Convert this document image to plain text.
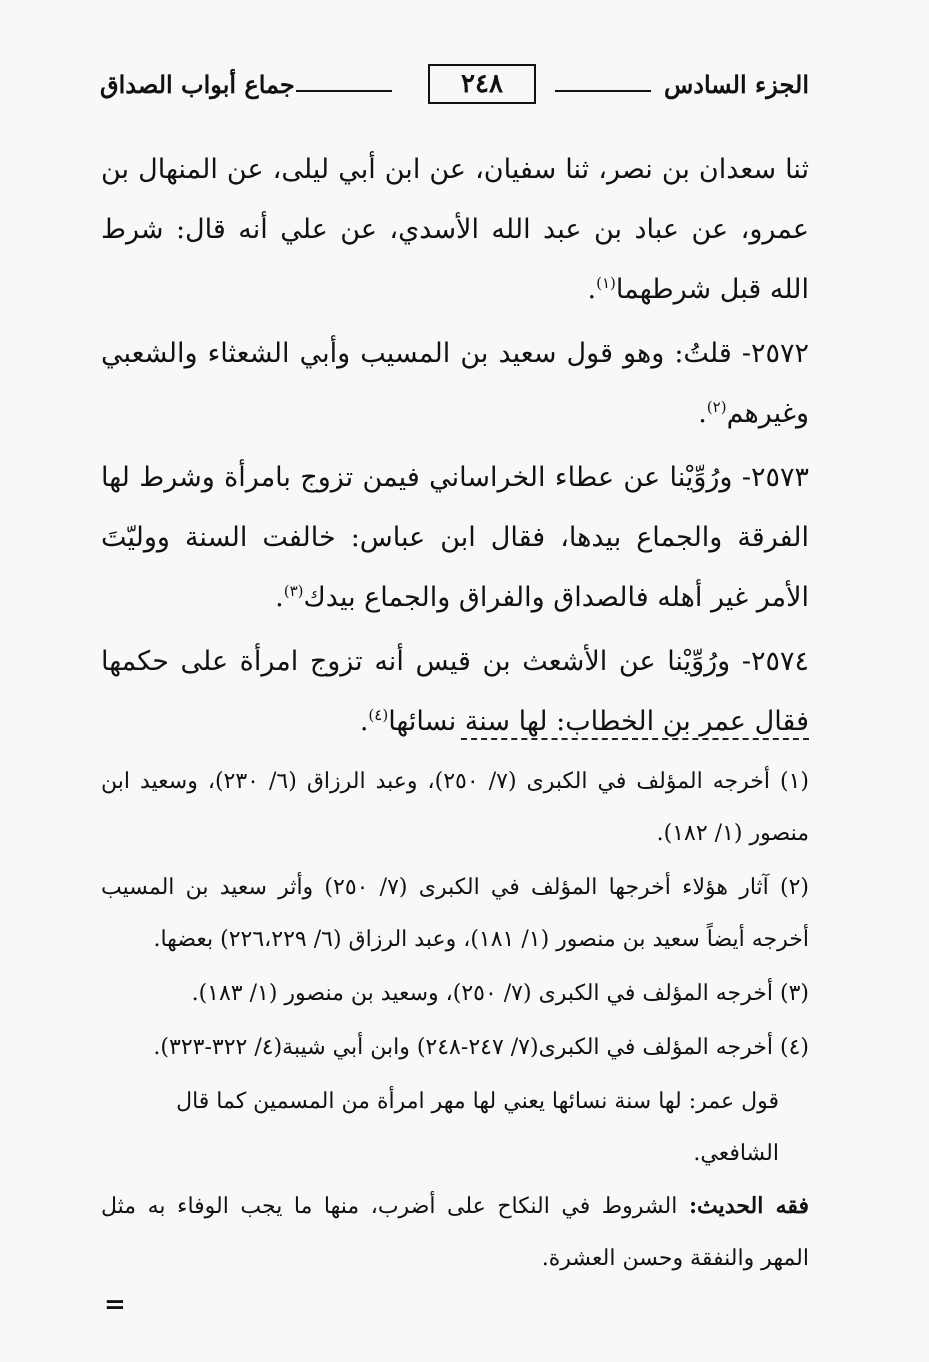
الجزء السادس
٢٤٨
جماع أبواب الصداق

ثنا سعدان بن نصر، ثنا سفيان، عن ابن أبي ليلى، عن المنهال بن عمرو، عن عباد بن عبد الله الأسدي، عن علي أنه قال: شرط الله قبل شرطهما$^{(١)}$.

٢٥٧٢- قلتُ: وهو قول سعيد بن المسيب وأبي الشعثاء والشعبي وغيرهم$^{(٢)}$.

٢٥٧٣- ورُوِّيْنا عن عطاء الخراساني فيمن تزوج بامرأة وشرط لها الفرقة والجماع بيدها، فقال ابن عباس: خالفت السنة ووليّتَ الأمر غير أهله فالصداق والفراق والجماع بيدك$^{(٣)}$.

٢٥٧٤- ورُوِّيْنا عن الأشعث بن قيس أنه تزوج امرأة على حكمها فقال عمر بن الخطاب: لها سنة نسائها$^{(٤)}$.

(١) أخرجه المؤلف في الكبرى (٧/ ٢٥٠)، وعبد الرزاق (٦/ ٢٣٠)، وسعيد ابن منصور (١/ ١٨٢).

(٢) آثار هؤلاء أخرجها المؤلف في الكبرى (٧/ ٢٥٠) وأثر سعيد بن المسيب أخرجه أيضاً سعيد بن منصور (١/ ١٨١)، وعبد الرزاق (٦/ ٢٢٦،٢٢٩) بعضها.

(٣) أخرجه المؤلف في الكبرى (٧/ ٢٥٠)، وسعيد بن منصور (١/ ١٨٣).

(٤) أخرجه المؤلف في الكبرى(٧/ ٢٤٧-٢٤٨) وابن أبي شيبة(٤/ ٣٢٢-٣٢٣).

قول عمر: لها سنة نسائها يعني لها مهر امرأة من المسمين كما قال الشافعي.

فقه الحديث: الشروط في النكاح على أضرب، منها ما يجب الوفاء به مثل المهر والنفقة وحسن العشرة.

=
